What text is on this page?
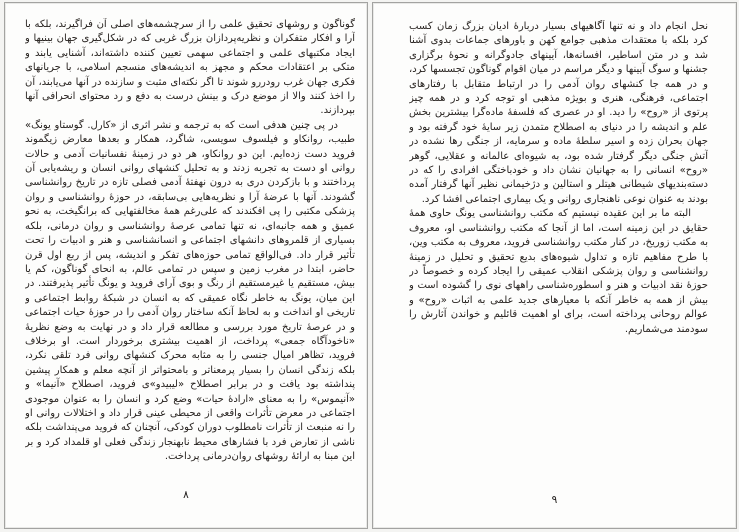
گوناگون و روشهای تحقیق علمی را از سرچشمه‌های اصلی آن فراگیرند، بلکه با آرا و افکار متفکران و نظریه‌پردازان بزرگ غربی که در شکل‌گیری جهان بینیها و ایجاد مکتبهای علمی و اجتماعی سهمی تعیین کننده داشته‌اند، آشنایی یابند و متکی بر اعتقادات محکم و مجهز به اندیشه‌های منسجم اسلامی، با جریانهای فکری جهان غرب رودررو شوند تا اگر نکته‌ای مثبت و سازنده در آنها می‌یابند، آن را اخذ کنند والا از موضع درک و بینش درست به دفع و رد محتوای انحرافی آنها بپردازند.

در پی چنین هدفی است که به ترجمه و نشر اثری از «کارل. گوستاو یونگ» طبیب، روانکاو و فیلسوف سویسی، شاگرد، همکار و بعدها معارض زیگموند فروید دست زده‌ایم. این دو روانکاو، هر دو در زمینهٔ نفسانیات آدمی و حالات روانی او دست به تجربه زدند و به تحلیل کنشهای روانی انسان و ریشه‌یابی آن پرداختند و با بازکردن دری به درون نهفتهٔ آدمی فصلی تازه در تاریخ روانشناسی گشودند. آنها با عرضهٔ آرا و نظریه‌هایی بی‌سابقه، در حوزهٔ روانشناسی و روان پزشکی مکتبی را پی افکندند که علی‌رغم همهٔ مخالفتهایی که برانگیخت، به نحو عمیق و همه جانبه‌ای، نه تنها تمامی عرصهٔ روانشناسی و روان درمانی، بلکه بسیاری از قلمروهای دانشهای اجتماعی و انسانشناسی و هنر و ادبیات را تحت تأثیر قرار داد. فی‌الواقع تمامی حوزه‌های تفکر و اندیشه، پس از ربع اول قرن حاضر، ابتدا در مغرب زمین و سپس در تمامی عالم، به انحای گوناگون، کم یا بیش، مستقیم یا غیرمستقیم از رنگ و بوی آرای فروید و یونگ تأثیر پذیرفتند. در این میان، یونگ به خاطر نگاه عمیقی که به انسان در شبکهٔ روابط اجتماعی و تاریخی او انداخت و به لحاظ آنکه ساختار روان آدمی را در حوزهٔ حیات اجتماعی و در عرصهٔ تاریخ مورد بررسی و مطالعه قرار داد و در نهایت به وضع نظریهٔ «ناخودآگاه جمعی» پرداخت، از اهمیت بیشتری برخوردار است. او برخلاف فروید، تظاهر امیال جنسی را به مثابه محرک کنشهای روانی فرد تلقی نکرد، بلکه زندگی انسان را بسیار پرمعناتر و بامحتواتر از آنچه معلم و همکار پیشین پنداشته بود یافت و در برابر اصطلاح «لیبیدو»ی فروید، اصطلاح «آنیما» و «آنیموس» را به معنای «ارادهٔ حیات» وضع کرد و انسان را به عنوان موجودی اجتماعی در معرض تأثرات واقعی از محیطی عینی قرار داد و اختلالات روانی او را نه منبعث از تأثرات نامطلوب دوران کودکی، آنچنان که فروید می‌پنداشت بلکه ناشی از تعارض فرد با فشارهای محیط نابهنجار زندگی فعلی او قلمداد کرد و بر این مبنا به ارائهٔ روشهای روان‌درمانی پرداخت.

۸

نحل انجام داد و نه تنها آگاهیهای بسیار دربارهٔ ادیان بزرگ زمان کسب کرد بلکه با معتقدات مذهبی جوامع کهن و باورهای جماعات بدوی آشنا شد و در متن اساطیر، افسانه‌ها، آیینهای جادوگرانه و نحوهٔ برگزاری جشنها و سوگ آیینها و دیگر مراسم در میان اقوام گوناگون تجسسها کرد، و در همه جا کنشهای روان آدمی را در ارتباط متقابل با رفتارهای اجتماعی، فرهنگی، هنری و بویژه مذهبی او توجه کرد و در همه چیز پرتوی از «روح» را دید. او در عصری که فلسفهٔ ماده‌گرا بیشترین بخش علم و اندیشه را در دنیای به اصطلاح متمدن زیر سایهٔ خود گرفته بود و جهان بحران زده و اسیر سلطهٔ ماده و سرمایه، از جنگی رها نشده در آتش جنگی دیگر گرفتار شده بود، به شیوه‌ای عالمانه و عقلایی، گوهر «روح» انسانی را به جهانیان نشان داد و خودباختگی افرادی را که در دسته‌بندیهای شیطانی هیتلر و استالین و دژخیمانی نظیر آنها گرفتار آمده بودند به عنوان نوعی ناهنجاری روانی و یک بیماری اجتماعی افشا کرد.

البته ما بر این عقیده نیستیم که مکتب روانشناسی یونگ حاوی همهٔ حقایق در این زمینه است، اما از آنجا که مکتب روانشناسی او، معروف به مکتب زوریخ، در کنار مکتب روانشناسی فروید، معروف به مکتب وین، با طرح مفاهیم تازه و تداول شیوه‌های بدیع تحقیق و تحلیل در زمینهٔ روانشناسی و روان پزشکی انقلاب عمیقی را ایجاد کرده و خصوصاً در حوزهٔ نقد ادبیات و هنر و اسطوره‌شناسی راههای نوی را گشوده است و بیش از همه به خاطر آنکه با معیارهای جدید علمی به اثبات «روح» و عوالم روحانی پرداخته است، برای او اهمیت قائلیم و خواندن آثارش را سودمند می‌شماریم.

۹
